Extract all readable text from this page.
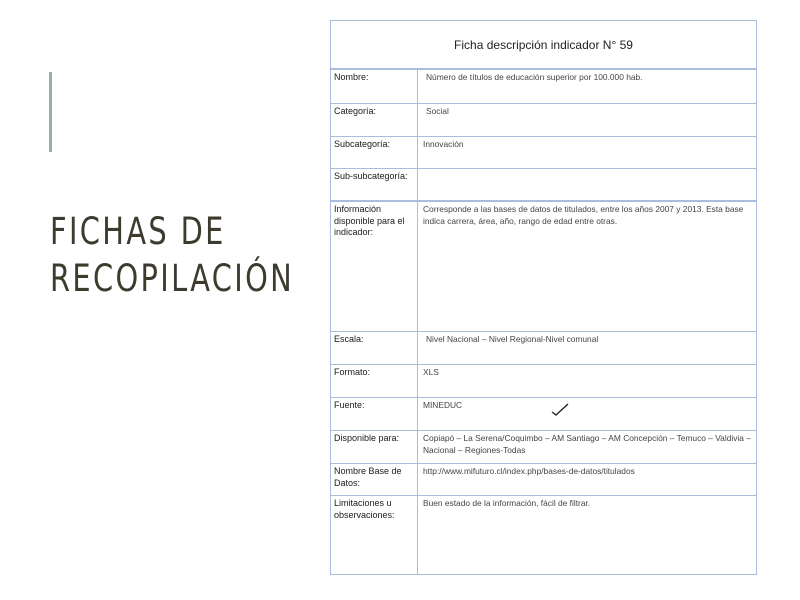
FICHAS DE
RECOPILACIÓN
Ficha descripción indicador N° 59
Nombre:	Número de títulos de educación superior por 100.000 hab.
Categoría:	Social
Subcategoría:	Innovación
Sub-subcategoría:
Información disponible para el indicador:
Corresponde a las bases de datos de titulados, entre los años 2007 y 2013. Esta base indica carrera, área, año, rango de edad entre otras.
Escala:	Nivel Nacional – Nivel Regional-Nivel comunal
Formato:	XLS
Fuente:	MINEDUC
Disponible para:	Copiapó – La Serena/Coquimbo – AM Santiago – AM Concepción – Temuco – Valdivia – Nacional – Regiones-Todas
Nombre Base de Datos:
http://www.mifuturo.cl/index.php/bases-de-datos/titulados
Limitaciones u observaciones:
Buen estado de la información, fácil de filtrar.
